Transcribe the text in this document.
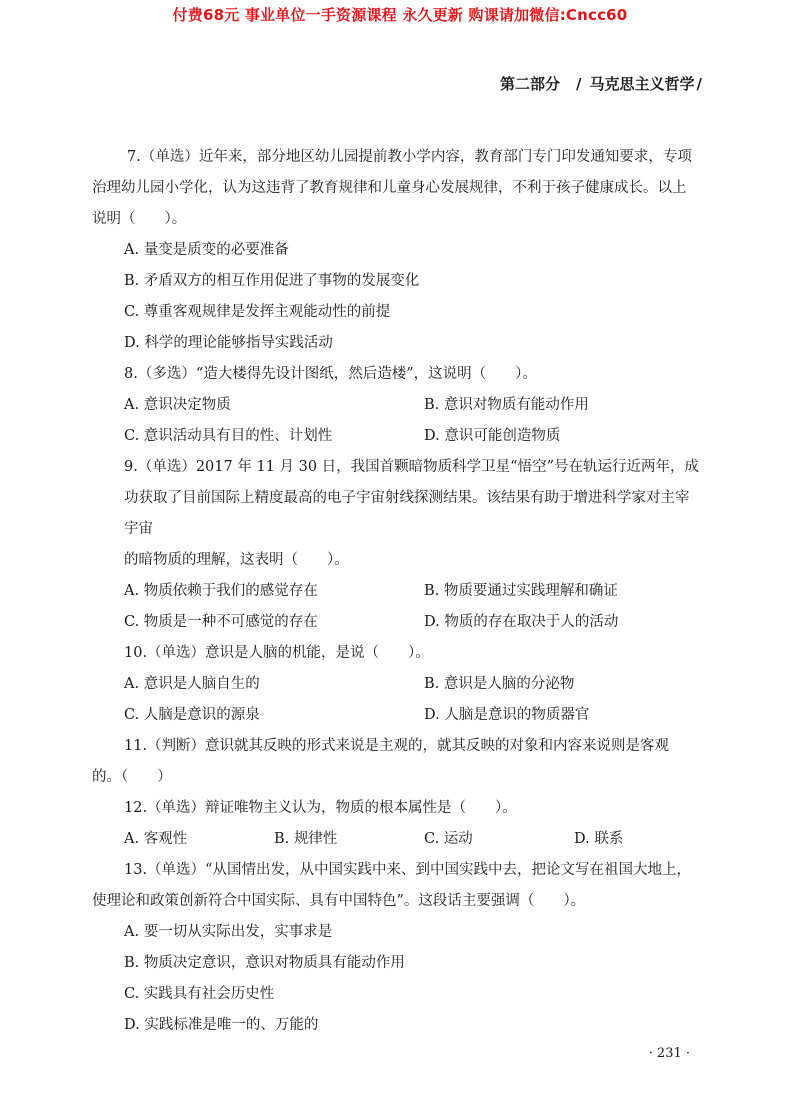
付费68元 事业单位一手资源课程 永久更新 购课请加微信:Cncc60
第二部分 / 马克思主义哲学 /
7.（单选）近年来，部分地区幼儿园提前教小学内容，教育部门专门印发通知要求，专项
治理幼儿园小学化，认为这违背了教育规律和儿童身心发展规律，不利于孩子健康成长。以上
说明（　　）。
A. 量变是质变的必要准备
B. 矛盾双方的相互作用促进了事物的发展变化
C. 尊重客观规律是发挥主观能动性的前提
D. 科学的理论能够指导实践活动
8.（多选）“造大楼得先设计图纸，然后造楼”，这说明（　　）。
A. 意识决定物质	B. 意识对物质有能动作用
C. 意识活动具有目的性、计划性	D. 意识可能创造物质
9.（单选）2017 年 11 月 30 日，我国首颗暗物质科学卫星“悟空”号在轨运行近两年，成
功获取了目前国际上精度最高的电子宇宙射线探测结果。该结果有助于增进科学家对主宰宇宙
的暗物质的理解，这表明（　　）。
A. 物质依赖于我们的感觉存在	B. 物质要通过实践理解和确证
C. 物质是一种不可感觉的存在	D. 物质的存在取决于人的活动
10.（单选）意识是人脑的机能，是说（　　）。
A. 意识是人脑自生的	B. 意识是人脑的分泌物
C. 人脑是意识的源泉	D. 人脑是意识的物质器官
11.（判断）意识就其反映的形式来说是主观的，就其反映的对象和内容来说则是客观
的。（　　）
12.（单选）辩证唯物主义认为，物质的根本属性是（　　）。
A. 客观性	B. 规律性	C. 运动	D. 联系
13.（单选）“从国情出发，从中国实践中来、到中国实践中去，把论文写在祖国大地上，
使理论和政策创新符合中国实际、具有中国特色”。这段话主要强调（　　）。
A. 要一切从实际出发，实事求是
B. 物质决定意识，意识对物质具有能动作用
C. 实践具有社会历史性
D. 实践标准是唯一的、万能的
· 231 ·
